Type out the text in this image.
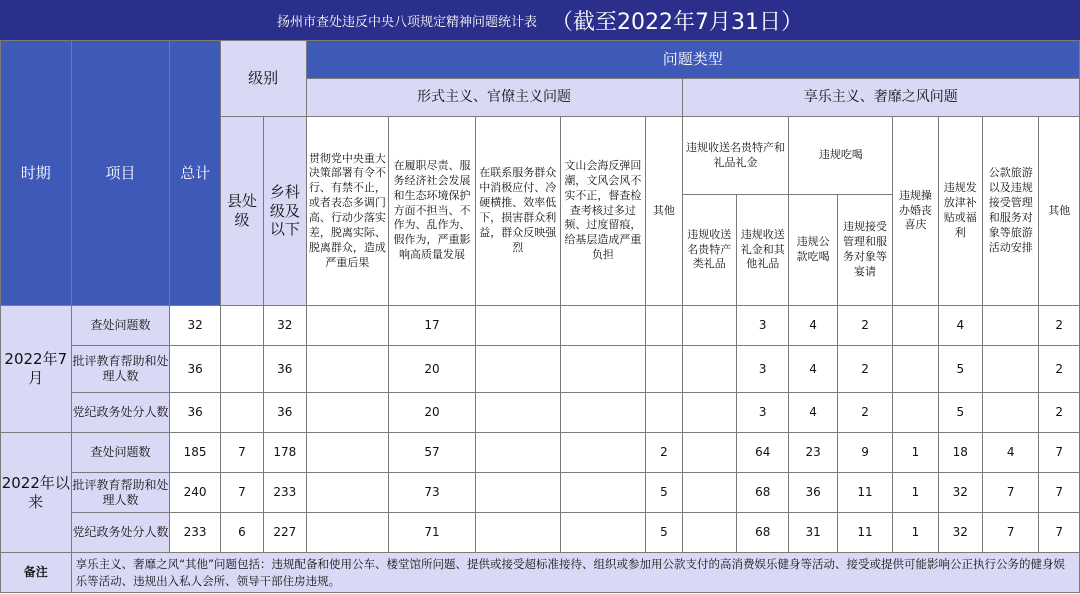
扬州市查处违反中央八项规定精神问题统计表 （截至2022年7月31日）
时期	项目	总计	级别		问题类型												
					形式主义、官僚主义问题					享乐主义、奢靡之风问题							
			县处级	乡科级及以下	贯彻党中央重大决策部署有令不行、有禁不止，或者表态多调门高、行动少落实差，脱离实际、脱离群众，造成严重后果	在履职尽责、服务经济社会发展和生态环境保护方面不担当、不作为、乱作为、假作为，严重影响高质量发展	在联系服务群众中消极应付、冷硬横推、效率低下，损害群众利益，群众反映强烈	文山会海反弹回潮，文风会风不实不正，督查检查考核过多过频、过度留痕，给基层造成严重负担	其他	违规收送名贵特产和礼品礼金		违规吃喝		违规操办婚丧喜庆	违规发放津补贴或福利	公款旅游以及违规接受管理和服务对象等旅游活动安排	其他
										违规收送名贵特产类礼品	违规收送礼金和其他礼品	违规公款吃喝	违规接受管理和服务对象等宴请				
2022年7月	查处问题数	32		32		17					3	4	2		4		2
	批评教育帮助和处理人数	36		36		20					3	4	2		5		2
	党纪政务处分人数	36		36		20					3	4	2		5		2
2022年以来	查处问题数	185	7	178		57			2		64	23	9	1	18	4	7
	批评教育帮助和处理人数	240	7	233		73			5		68	36	11	1	32	7	7
	党纪政务处分人数	233	6	227		71			5		68	31	11	1	32	7	7
备注	享乐主义、奢靡之风“其他”问题包括：违规配备和使用公车、楼堂馆所问题、提供或接受超标准接待、组织或参加用公款支付的高消费娱乐健身等活动、接受或提供可能影响公正执行公务的健身娱乐等活动、违规出入私人会所、领导干部住房违规。																
